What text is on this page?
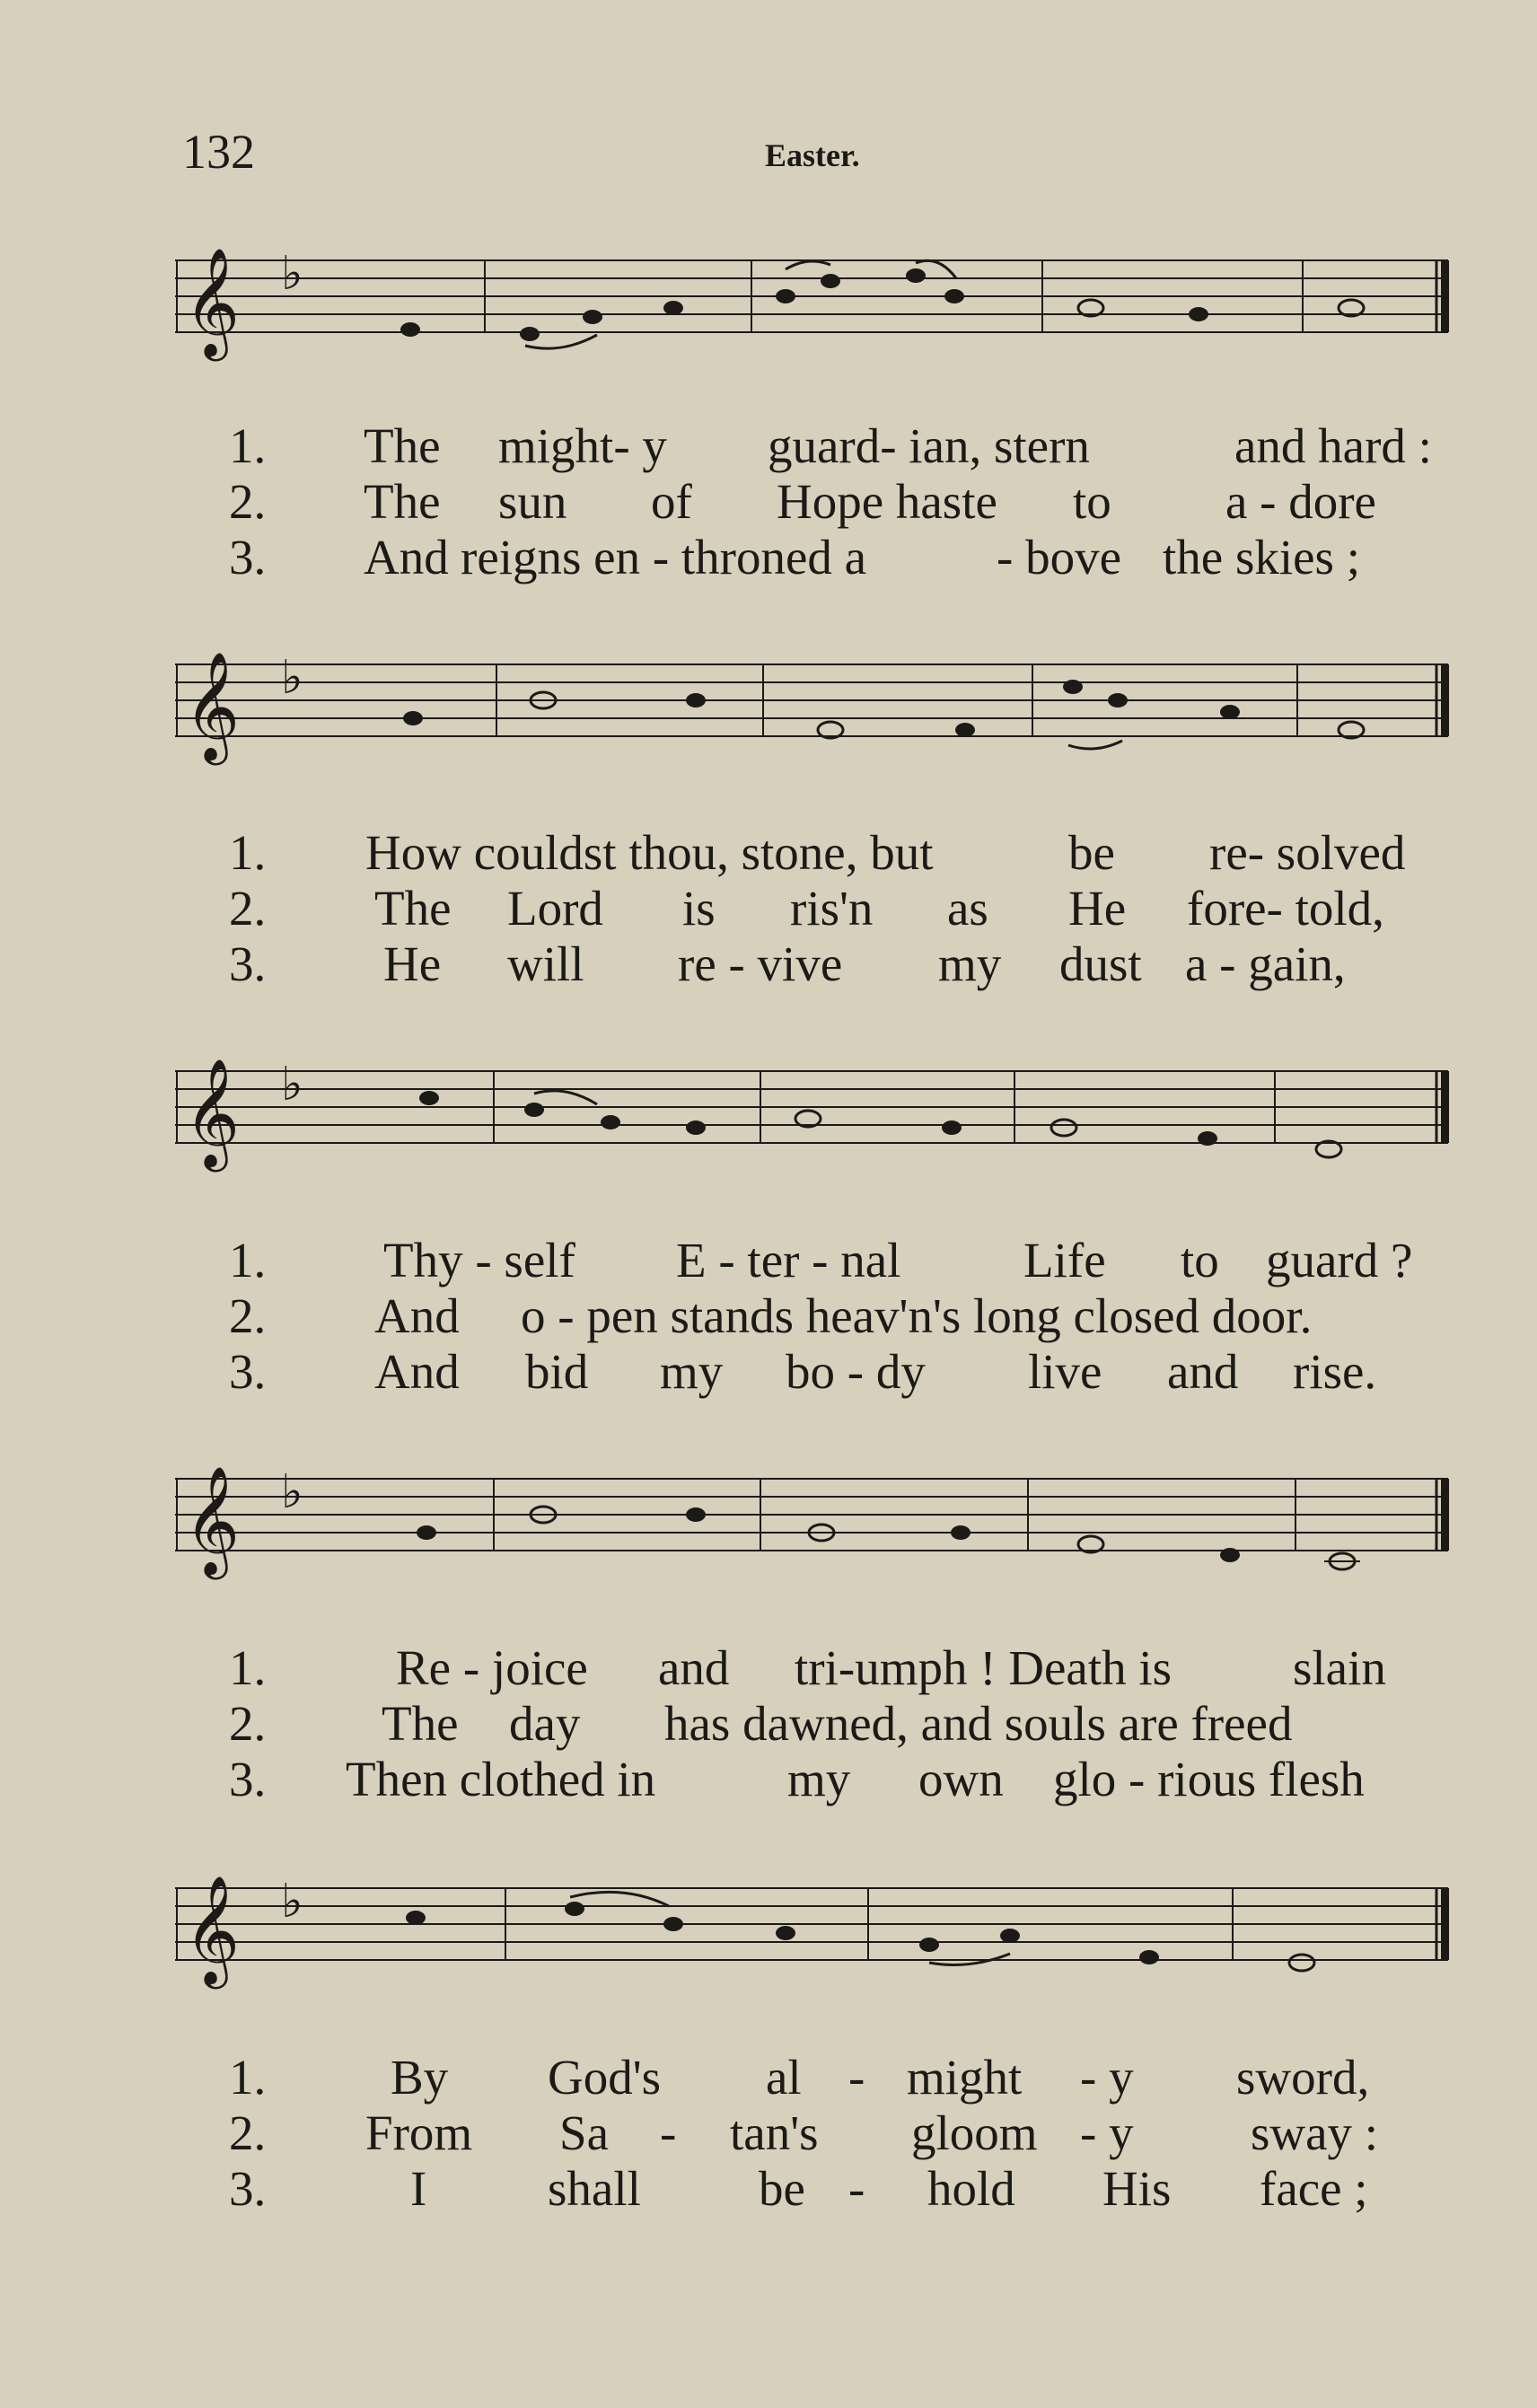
132	Easter.
𝄞 ♭
1. The might- y guard- ian, stern	and hard :
2. The sun of Hope haste to a - dore
3. And reigns en - throned a	- bove the skies ;
𝄞 ♭
1. How couldst thou, stone, but	be re- solved
2. The Lord is ris'n as He fore- told,
3. He will re - vive my dust a - gain,
𝄞 ♭
1. Thy - self E - ter - nal Life to guard ?
2. And o - pen stands heav'n's long closed door.
3. And bid my bo - dy live and rise.
𝄞 ♭
1.	Re - joice and tri-umph ! Death is slain
2. The day has dawned, and souls are freed
3. Then clothed in	my own glo - rious flesh
𝄞 ♭
1.	By God's al - might - y sword,
2. From Sa - tan's gloom - y sway :
3.	I shall be - hold His face ;
